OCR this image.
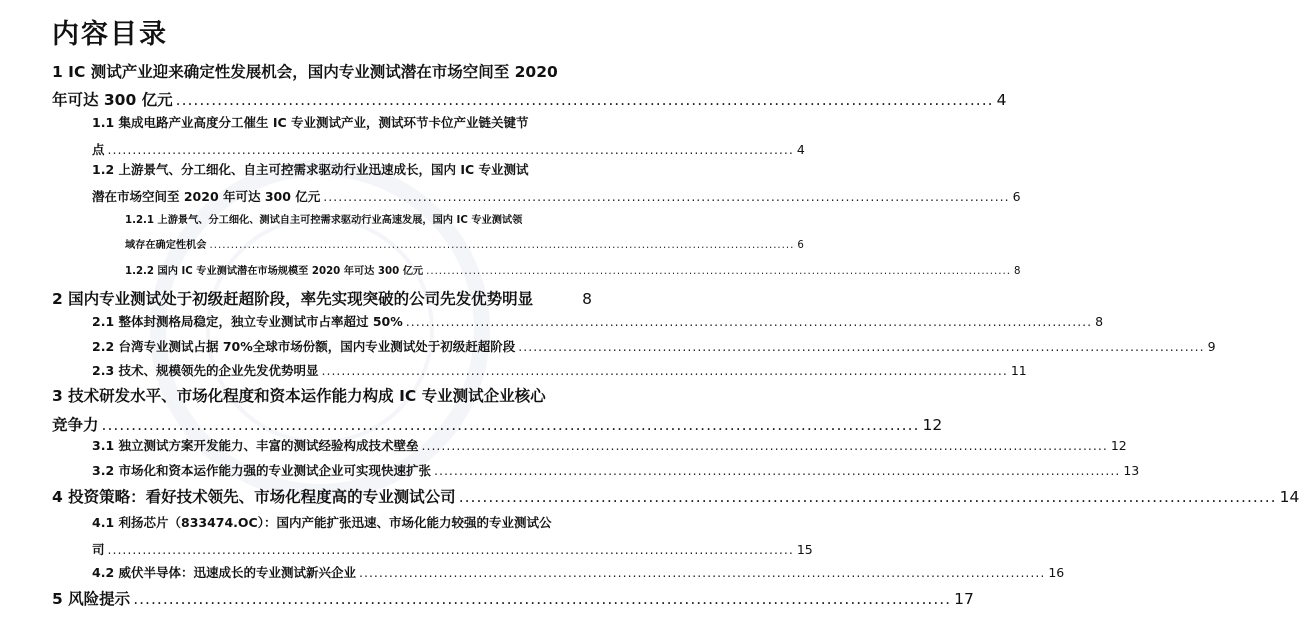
内容目录
1 IC 测试产业迎来确定性发展机会，国内专业测试潜在市场空间至 2020
年可达 300 亿元 .......................................................................................................................................... 4
1.1 集成电路产业高度分工催生 IC 专业测试产业，测试环节卡位产业链关键节
点 .......................................................................................................................................... 4
1.2 上游景气、分工细化、自主可控需求驱动行业迅速成长，国内 IC 专业测试
潜在市场空间至 2020 年可达 300 亿元 .......................................................................................................................................... 6
1.2.1 上游景气、分工细化、测试自主可控需求驱动行业高速发展，国内 IC 专业测试领
域存在确定性机会 .......................................................................................................................................... 6
1.2.2 国内 IC 专业测试潜在市场规模至 2020 年可达 300 亿元 .......................................................................................................................................... 8
2 国内专业测试处于初级赶超阶段，率先实现突破的公司先发优势明显	8
2.1 整体封测格局稳定，独立专业测试市占率超过 50% .......................................................................................................................................... 8
2.2 台湾专业测试占据 70%全球市场份额，国内专业测试处于初级赶超阶段 .......................................................................................................................................... 9
2.3 技术、规模领先的企业先发优势明显 .......................................................................................................................................... 11
3 技术研发水平、市场化程度和资本运作能力构成 IC 专业测试企业核心
竞争力 .......................................................................................................................................... 12
3.1 独立测试方案开发能力、丰富的测试经验构成技术壁垒 .......................................................................................................................................... 12
3.2 市场化和资本运作能力强的专业测试企业可实现快速扩张 .......................................................................................................................................... 13
4 投资策略：看好技术领先、市场化程度高的专业测试公司 .......................................................................................................................................... 14
4.1 利扬芯片（833474.OC）：国内产能扩张迅速、市场化能力较强的专业测试公
司 .......................................................................................................................................... 15
4.2 威伏半导体：迅速成长的专业测试新兴企业 .......................................................................................................................................... 16
5 风险提示 .......................................................................................................................................... 17
